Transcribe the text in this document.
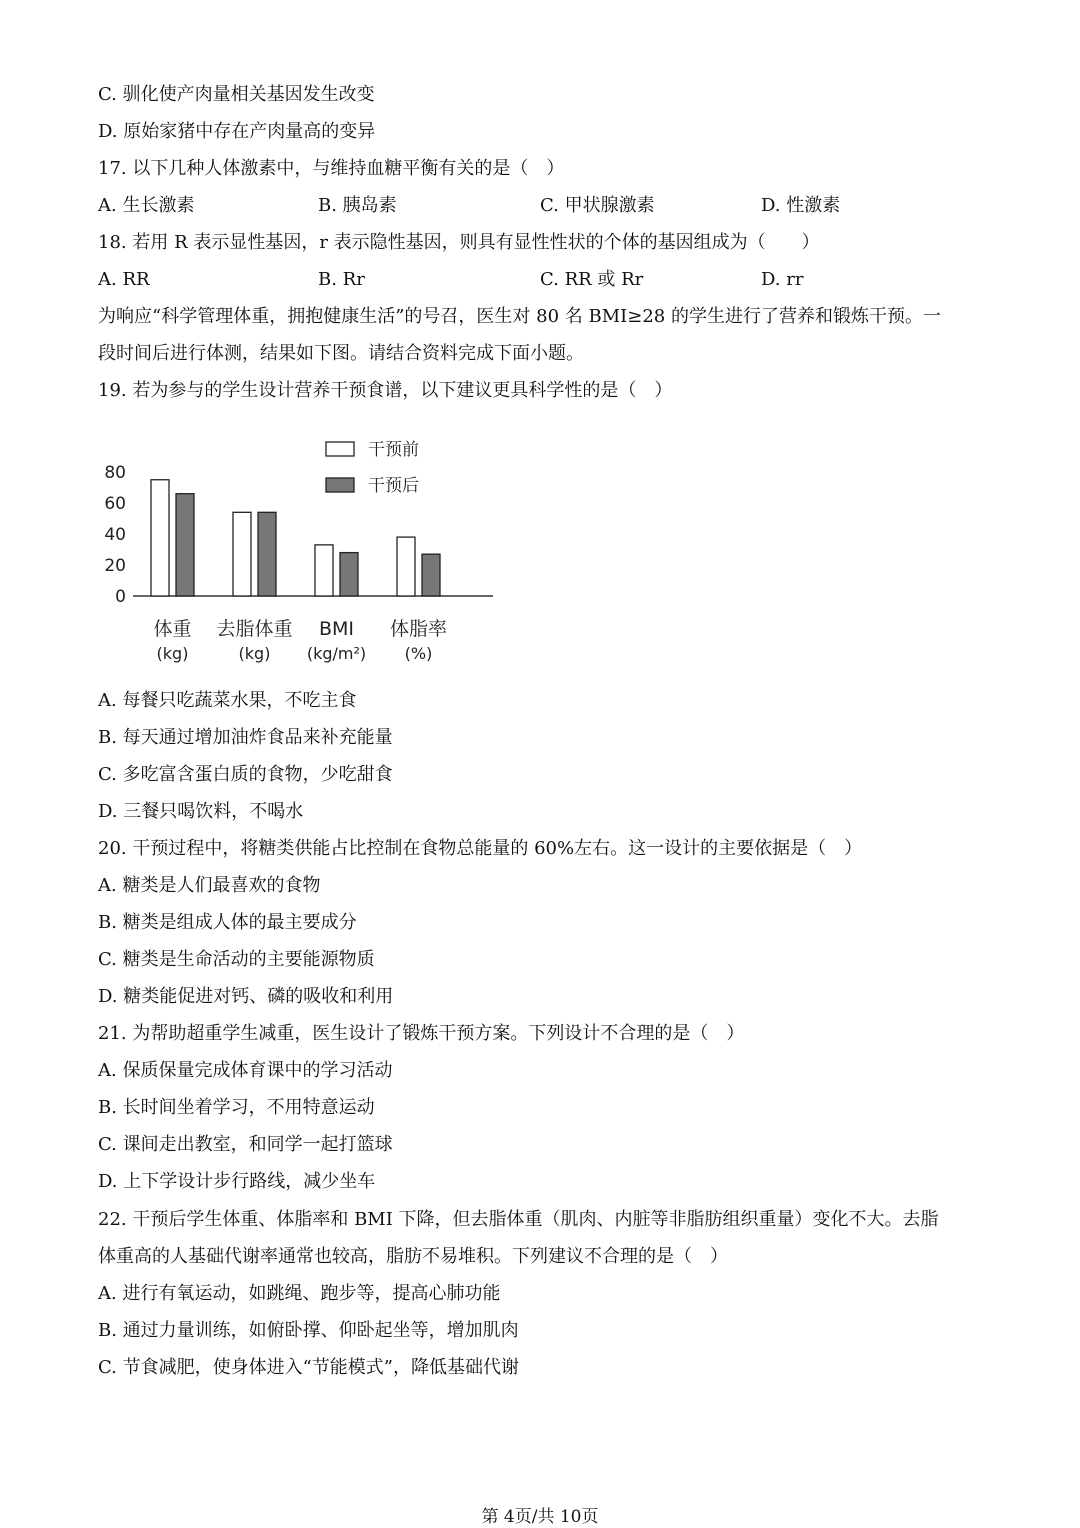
C. 驯化使产肉量相关基因发生改变
D. 原始家猪中存在产肉量高的变异
17. 以下几种人体激素中，与维持血糖平衡有关的是（　）
A. 生长激素	B. 胰岛素	C. 甲状腺激素	D. 性激素
18. 若用 R 表示显性基因，r 表示隐性基因，则具有显性性状的个体的基因组成为（　　）
A. RR	B. Rr	C. RR 或 Rr	D. rr
为响应“科学管理体重，拥抱健康生活”的号召，医生对 80 名 BMI≥28 的学生进行了营养和锻炼干预。一
段时间后进行体测，结果如下图。请结合资料完成下面小题。
19. 若为参与的学生设计营养干预食谱，以下建议更具科学性的是（　）
0
20
40
60
80
体重
(kg)
去脂体重
(kg)
BMI
(kg/m²)
体脂率
(%)
干预前
干预后
A. 每餐只吃蔬菜水果，不吃主食
B. 每天通过增加油炸食品来补充能量
C. 多吃富含蛋白质的食物，少吃甜食
D. 三餐只喝饮料，不喝水
20. 干预过程中，将糖类供能占比控制在食物总能量的 60%左右。这一设计的主要依据是（　）
A. 糖类是人们最喜欢的食物
B. 糖类是组成人体的最主要成分
C. 糖类是生命活动的主要能源物质
D. 糖类能促进对钙、磷的吸收和利用
21. 为帮助超重学生减重，医生设计了锻炼干预方案。下列设计不合理的是（　）
A. 保质保量完成体育课中的学习活动
B. 长时间坐着学习，不用特意运动
C. 课间走出教室，和同学一起打篮球
D. 上下学设计步行路线，减少坐车
22. 干预后学生体重、体脂率和 BMI 下降，但去脂体重（肌肉、内脏等非脂肪组织重量）变化不大。去脂
体重高的人基础代谢率通常也较高，脂肪不易堆积。下列建议不合理的是（　）
A. 进行有氧运动，如跳绳、跑步等，提高心肺功能
B. 通过力量训练，如俯卧撑、仰卧起坐等，增加肌肉
C. 节食减肥，使身体进入“节能模式”，降低基础代谢
第 4页/共 10页
